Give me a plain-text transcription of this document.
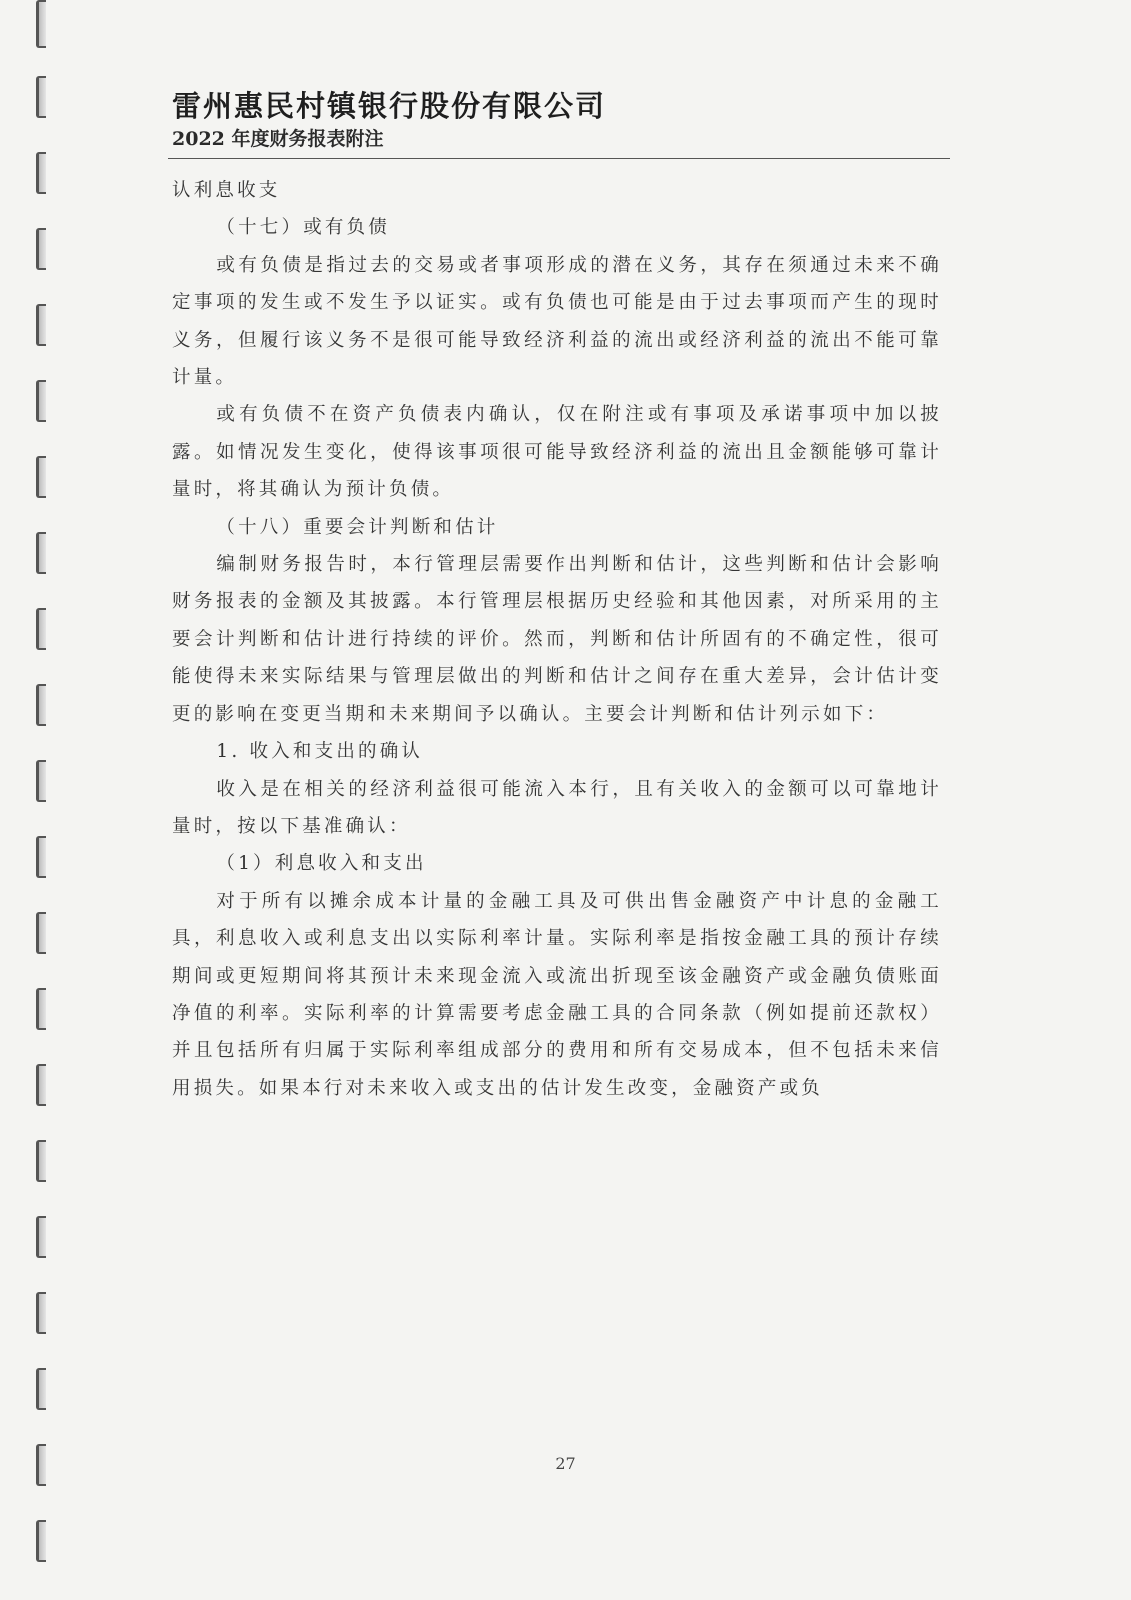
雷州惠民村镇银行股份有限公司
2022 年度财务报表附注

认利息收支

（十七）或有负债

或有负债是指过去的交易或者事项形成的潜在义务，其存在须通过未来不确定事项的发生或不发生予以证实。或有负债也可能是由于过去事项而产生的现时义务，但履行该义务不是很可能导致经济利益的流出或经济利益的流出不能可靠计量。

或有负债不在资产负债表内确认，仅在附注或有事项及承诺事项中加以披露。如情况发生变化，使得该事项很可能导致经济利益的流出且金额能够可靠计量时，将其确认为预计负债。

（十八）重要会计判断和估计

编制财务报告时，本行管理层需要作出判断和估计，这些判断和估计会影响财务报表的金额及其披露。本行管理层根据历史经验和其他因素，对所采用的主要会计判断和估计进行持续的评价。然而，判断和估计所固有的不确定性，很可能使得未来实际结果与管理层做出的判断和估计之间存在重大差异，会计估计变更的影响在变更当期和未来期间予以确认。主要会计判断和估计列示如下：

1. 收入和支出的确认

收入是在相关的经济利益很可能流入本行，且有关收入的金额可以可靠地计量时，按以下基准确认：

（1）利息收入和支出

对于所有以摊余成本计量的金融工具及可供出售金融资产中计息的金融工具，利息收入或利息支出以实际利率计量。实际利率是指按金融工具的预计存续期间或更短期间将其预计未来现金流入或流出折现至该金融资产或金融负债账面净值的利率。实际利率的计算需要考虑金融工具的合同条款（例如提前还款权）并且包括所有归属于实际利率组成部分的费用和所有交易成本，但不包括未来信用损失。如果本行对未来收入或支出的估计发生改变，金融资产或负

27
